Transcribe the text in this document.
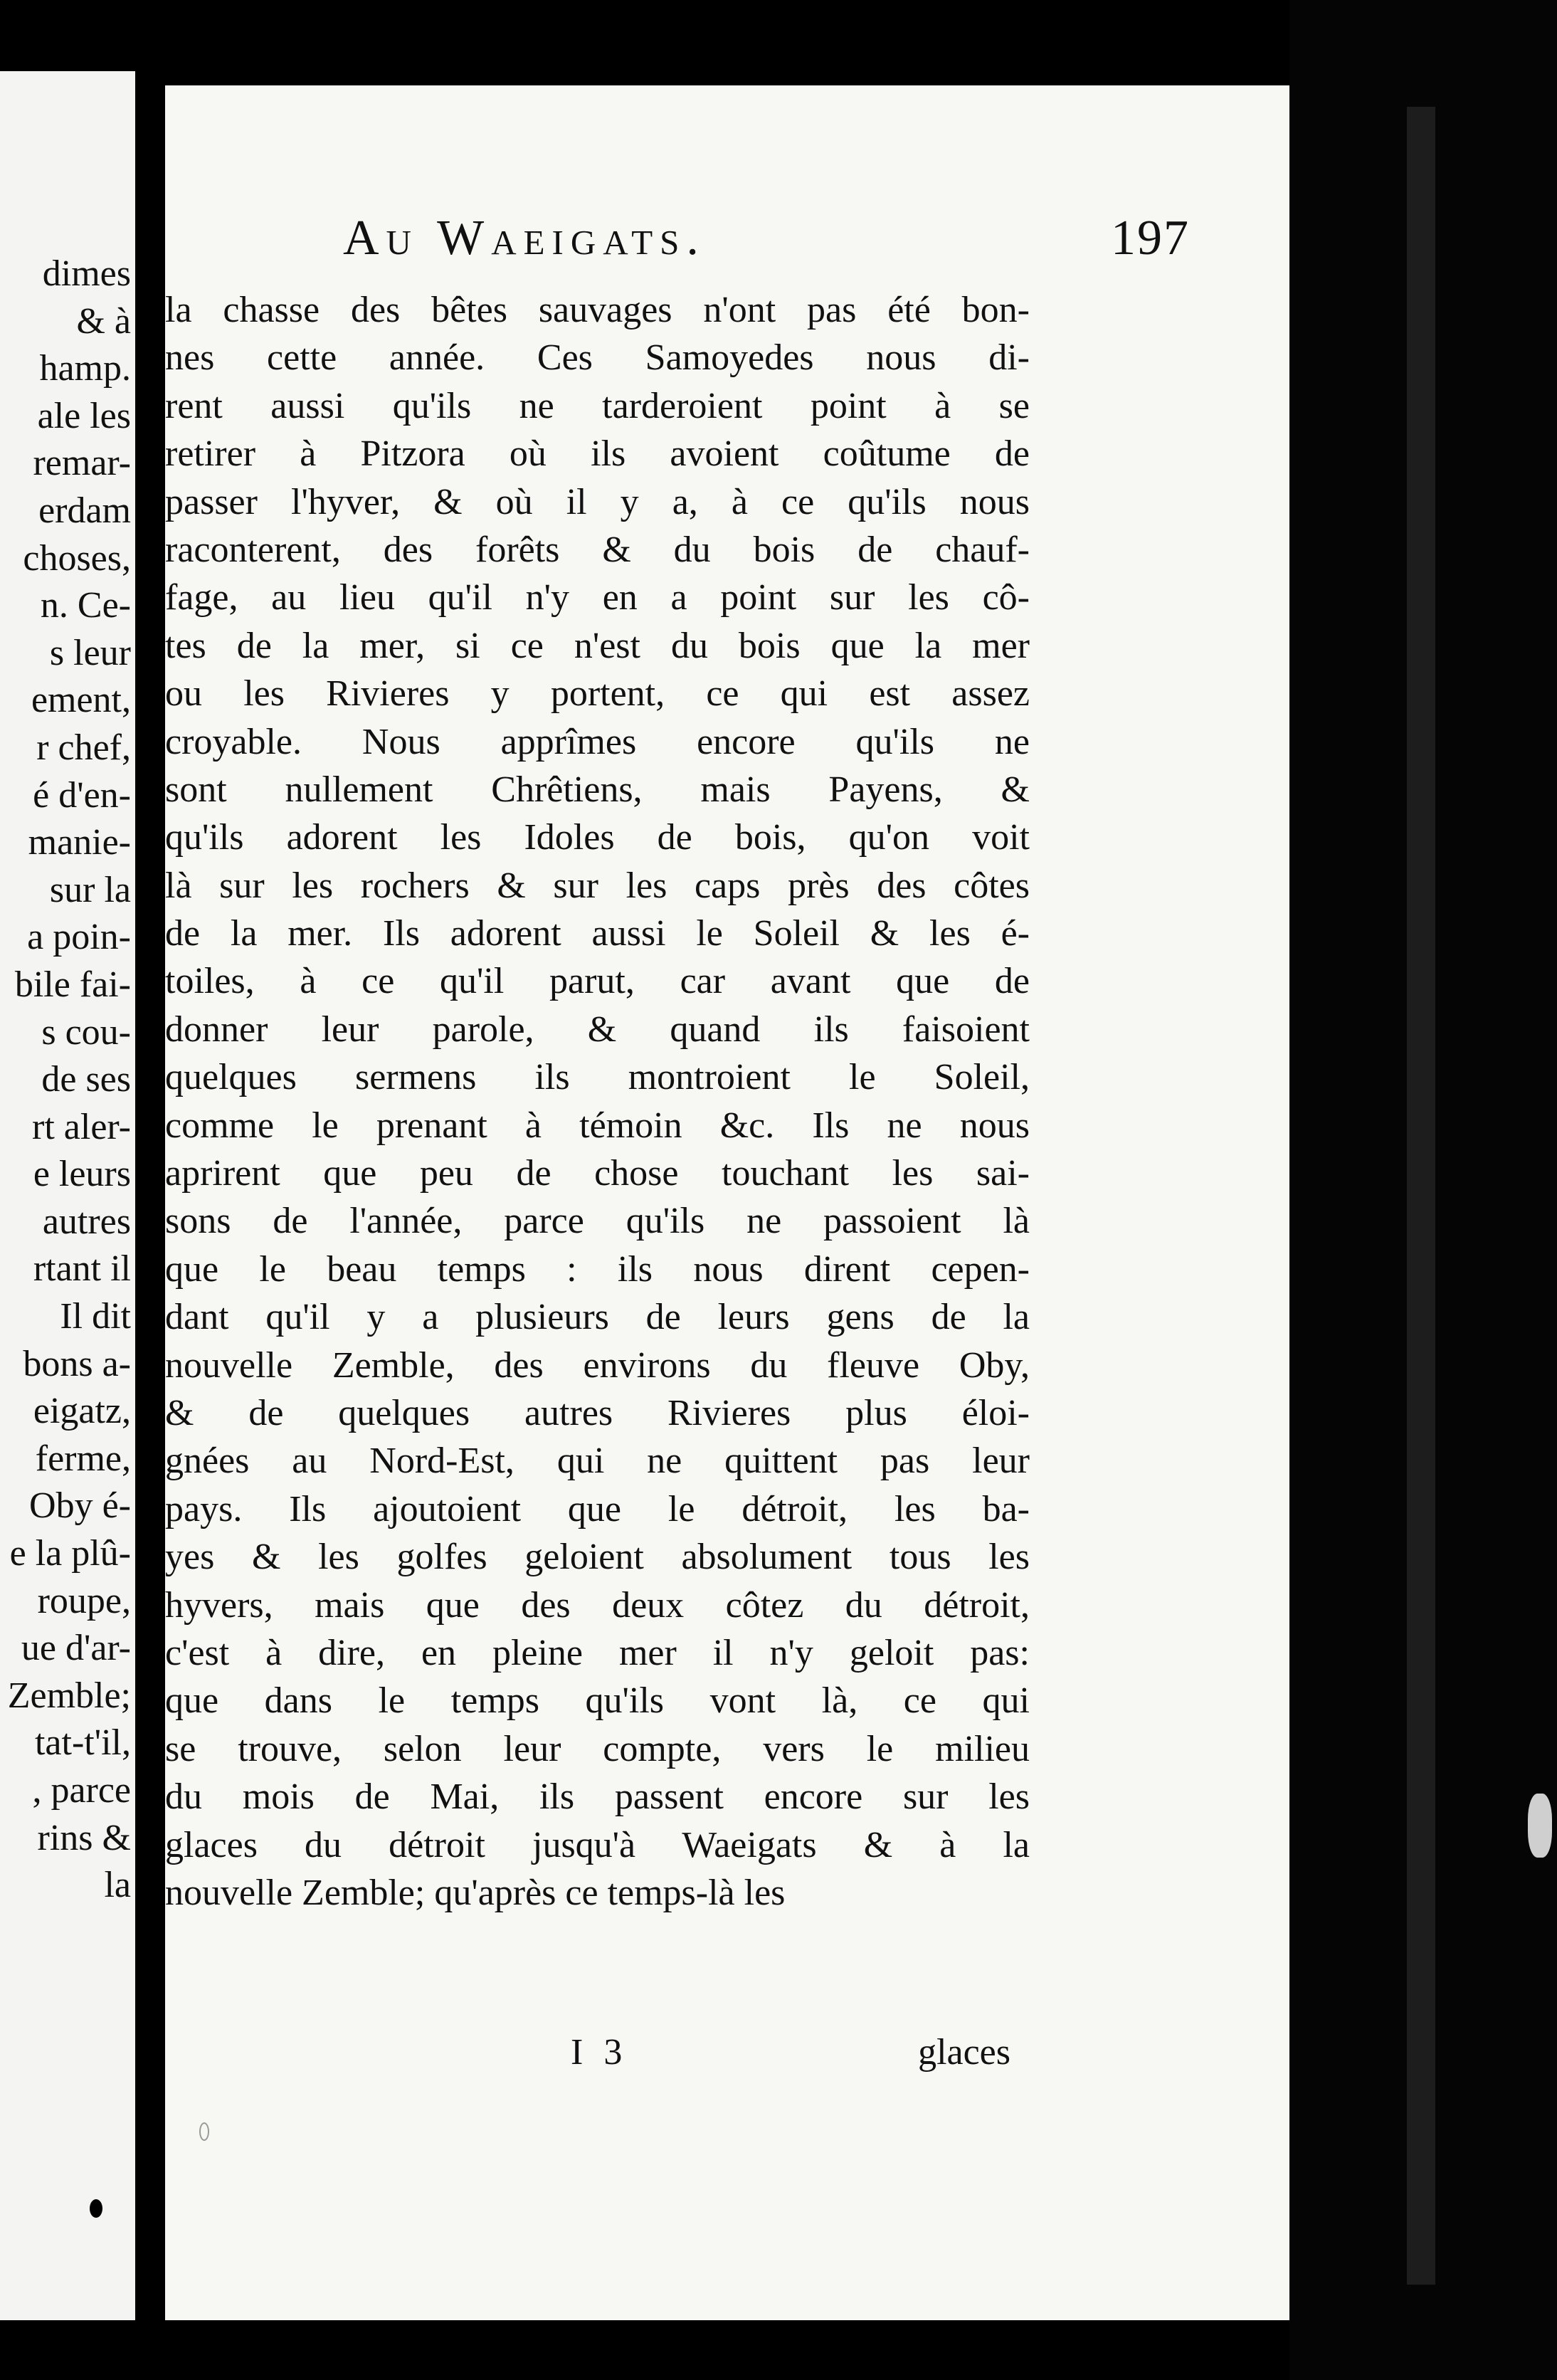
dimes
& à
hamp.
ale les
remar-
erdam
choses,
n. Ce-
s leur
ement,
r chef,
é d'en-
manie-
sur la
a poin-
bile fai-
s cou-
de ses
rt aler-
e leurs
autres
rtant il
Il dit
bons a-
eigatz,
ferme,
Oby é-
e la plû-
roupe,
ue d'ar-
Zemble;
tat-t'il,
, parce
rins &
la
Au Waeigats.	197
la chasse des bêtes sauvages n'ont pas été bon-
nes cette année. Ces Samoyedes nous di-
rent aussi qu'ils ne tarderoient point à se
retirer à Pitzora où ils avoient coûtume de
passer l'hyver, & où il y a, à ce qu'ils nous
raconterent, des forêts & du bois de chauf-
fage, au lieu qu'il n'y en a point sur les cô-
tes de la mer, si ce n'est du bois que la mer
ou les Rivieres y portent, ce qui est assez
croyable. Nous apprîmes encore qu'ils ne
sont nullement Chrêtiens, mais Payens, &
qu'ils adorent les Idoles de bois, qu'on voit
là sur les rochers & sur les caps près des côtes
de la mer. Ils adorent aussi le Soleil & les é-
toiles, à ce qu'il parut, car avant que de
donner leur parole, & quand ils faisoient
quelques sermens ils montroient le Soleil,
comme le prenant à témoin &c. Ils ne nous
aprirent que peu de chose touchant les sai-
sons de l'année, parce qu'ils ne passoient là
que le beau temps : ils nous dirent cepen-
dant qu'il y a plusieurs de leurs gens de la
nouvelle Zemble, des environs du fleuve Oby,
& de quelques autres Rivieres plus éloi-
gnées au Nord-Est, qui ne quittent pas leur
pays. Ils ajoutoient que le détroit, les ba-
yes & les golfes geloient absolument tous les
hyvers, mais que des deux côtez du détroit,
c'est à dire, en pleine mer il n'y geloit pas:
que dans le temps qu'ils vont là, ce qui
se trouve, selon leur compte, vers le milieu
du mois de Mai, ils passent encore sur les
glaces du détroit jusqu'à Waeigats & à la
nouvelle Zemble; qu'après ce temps-là les
I 3	glaces
